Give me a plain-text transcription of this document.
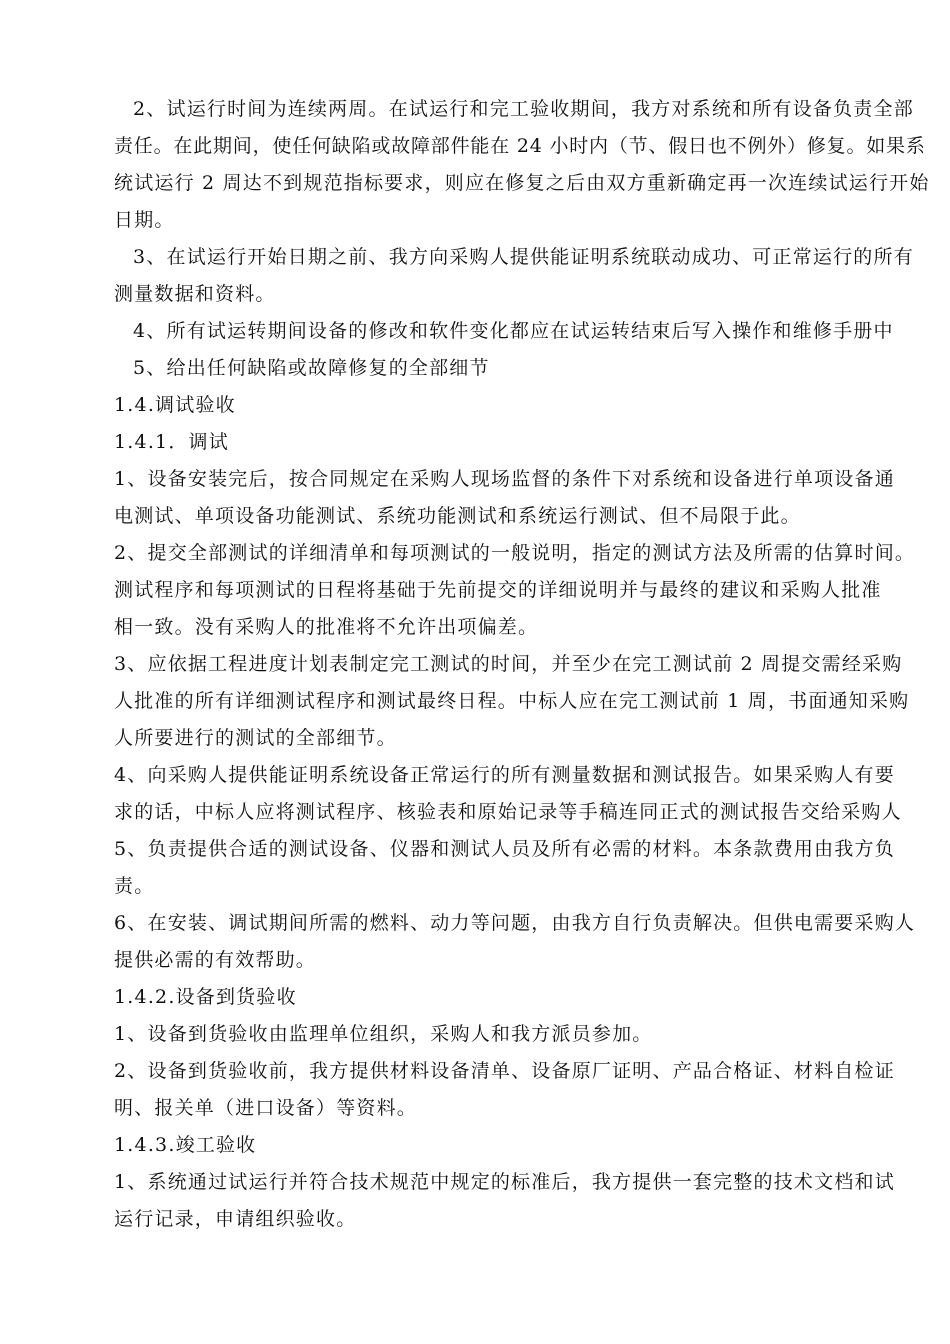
2、试运行时间为连续两周。在试运行和完工验收期间，我方对系统和所有设备负责全部
责任。在此期间，使任何缺陷或故障部件能在 24 小时内（节、假日也不例外）修复。如果系
统试运行 2 周达不到规范指标要求，则应在修复之后由双方重新确定再一次连续试运行开始
日期。
3、在试运行开始日期之前、我方向采购人提供能证明系统联动成功、可正常运行的所有
测量数据和资料。
4、所有试运转期间设备的修改和软件变化都应在试运转结束后写入操作和维修手册中
5、给出任何缺陷或故障修复的全部细节
1.4.调试验收
1.4.1．调试
1、设备安装完后，按合同规定在采购人现场监督的条件下对系统和设备进行单项设备通
电测试、单项设备功能测试、系统功能测试和系统运行测试、但不局限于此。
2、提交全部测试的详细清单和每项测试的一般说明，指定的测试方法及所需的估算时间。
测试程序和每项测试的日程将基础于先前提交的详细说明并与最终的建议和采购人批准
相一致。没有采购人的批准将不允许出项偏差。
3、应依据工程进度计划表制定完工测试的时间，并至少在完工测试前 2 周提交需经采购
人批准的所有详细测试程序和测试最终日程。中标人应在完工测试前 1 周，书面通知采购
人所要进行的测试的全部细节。
4、向采购人提供能证明系统设备正常运行的所有测量数据和测试报告。如果采购人有要
求的话，中标人应将测试程序、核验表和原始记录等手稿连同正式的测试报告交给采购人
5、负责提供合适的测试设备、仪器和测试人员及所有必需的材料。本条款费用由我方负
责。
6、在安装、调试期间所需的燃料、动力等问题，由我方自行负责解决。但供电需要采购人
提供必需的有效帮助。
1.4.2.设备到货验收
1、设备到货验收由监理单位组织，采购人和我方派员参加。
2、设备到货验收前，我方提供材料设备清单、设备原厂证明、产品合格证、材料自检证
明、报关单（进口设备）等资料。
1.4.3.竣工验收
1、系统通过试运行并符合技术规范中规定的标准后，我方提供一套完整的技术文档和试
运行记录，申请组织验收。
